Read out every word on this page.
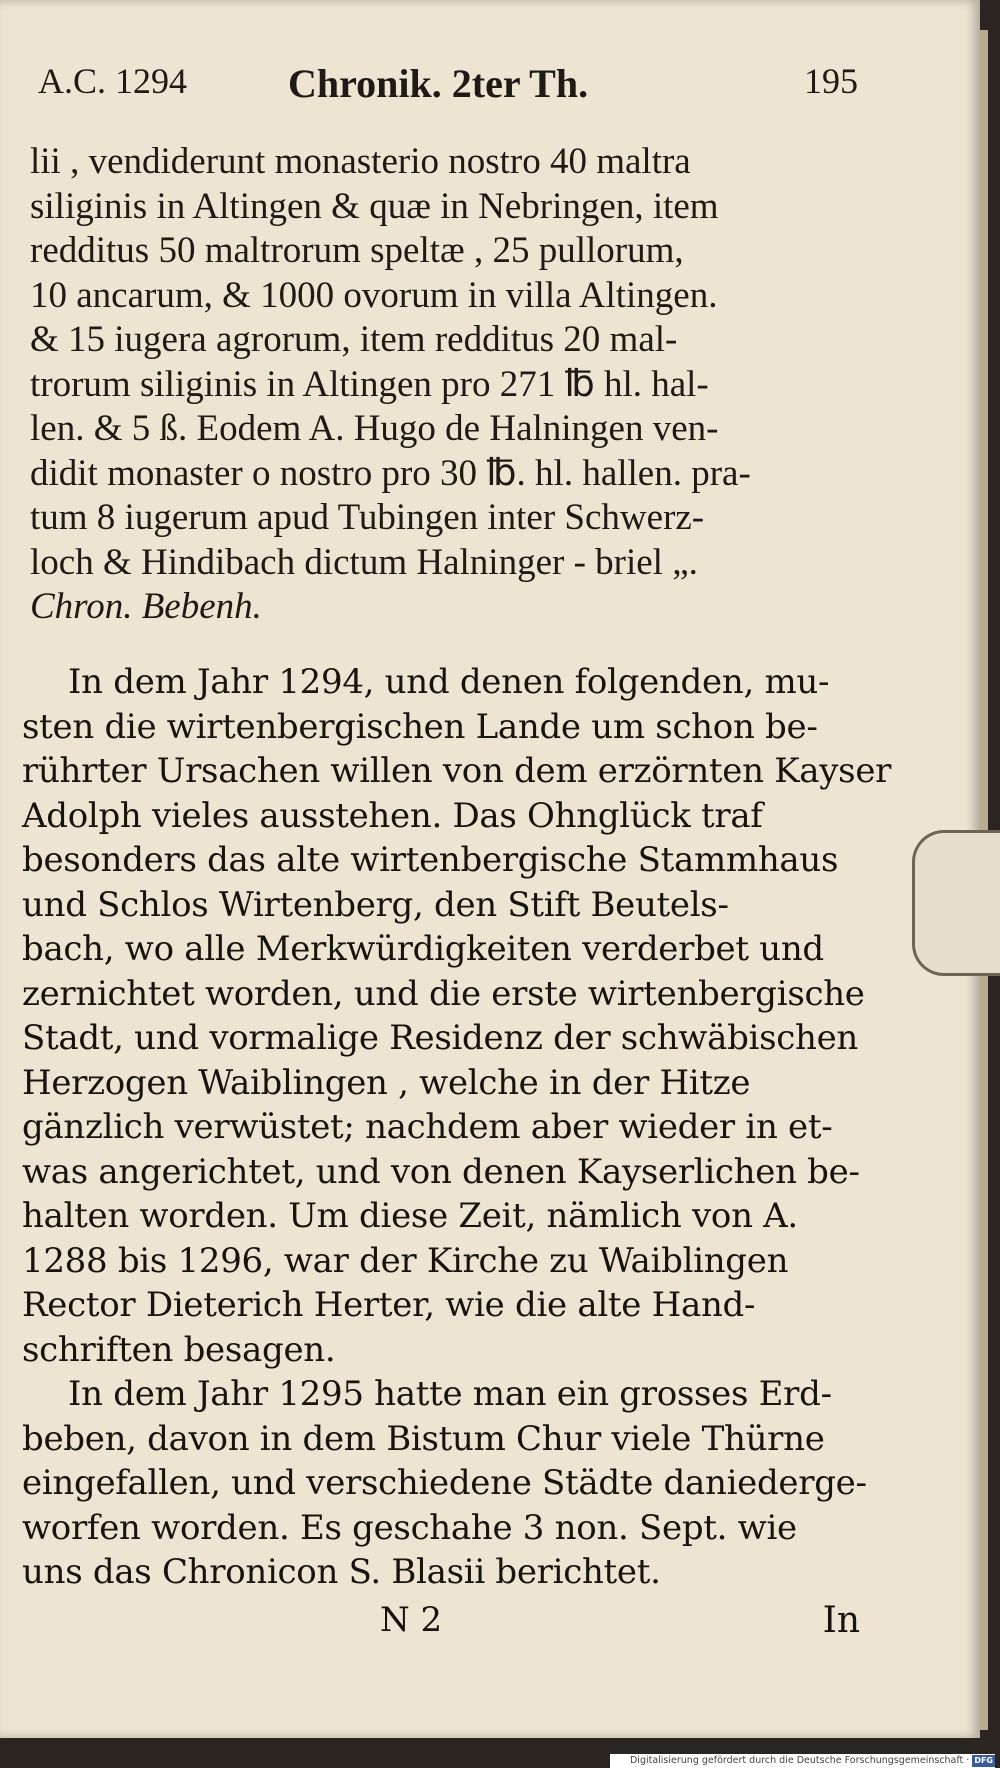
A.C. 1294	Chronik. 2ter Th.	195
lii , vendiderunt monasterio nostro 40 maltra
siliginis in Altingen & quæ in Nebringen, item
redditus 50 maltrorum speltæ , 25 pullorum,
10 ancarum, & 1000 ovorum in villa Altingen.
& 15 iugera agrorum, item redditus 20 mal-
trorum siliginis in Altingen pro 271 ℔ hl. hal-
len. & 5 ß. Eodem A. Hugo de Halningen ven-
didit monaster o nostro pro 30 ℔. hl. hallen. pra-
tum 8 iugerum apud Tubingen inter Schwerz-
loch & Hindibach dictum Halninger - briel „.
Chron. Bebenh.
In dem Jahr 1294, und denen folgenden, mu-
sten die wirtenbergischen Lande um schon be-
rührter Ursachen willen von dem erzörnten Kayser
Adolph vieles ausstehen. Das Ohnglück traf
besonders das alte wirtenbergische Stammhaus
und Schlos Wirtenberg, den Stift Beutels-
bach, wo alle Merkwürdigkeiten verderbet und
zernichtet worden, und die erste wirtenbergische
Stadt, und vormalige Residenz der schwäbischen
Herzogen Waiblingen , welche in der Hitze
gänzlich verwüstet; nachdem aber wieder in et-
was angerichtet, und von denen Kayserlichen be-
halten worden. Um diese Zeit, nämlich von A.
1288 bis 1296, war der Kirche zu Waiblingen
Rector Dieterich Herter, wie die alte Hand-
schriften besagen.
In dem Jahr 1295 hatte man ein grosses Erd-
beben, davon in dem Bistum Chur viele Thürne
eingefallen, und verschiedene Städte daniederge-
worfen worden. Es geschahe 3 non. Sept. wie
uns das Chronicon S. Blasii berichtet.
N 2	In
Digitalisierung gefördert durch die Deutsche Forschungsgemeinschaft · DFG
